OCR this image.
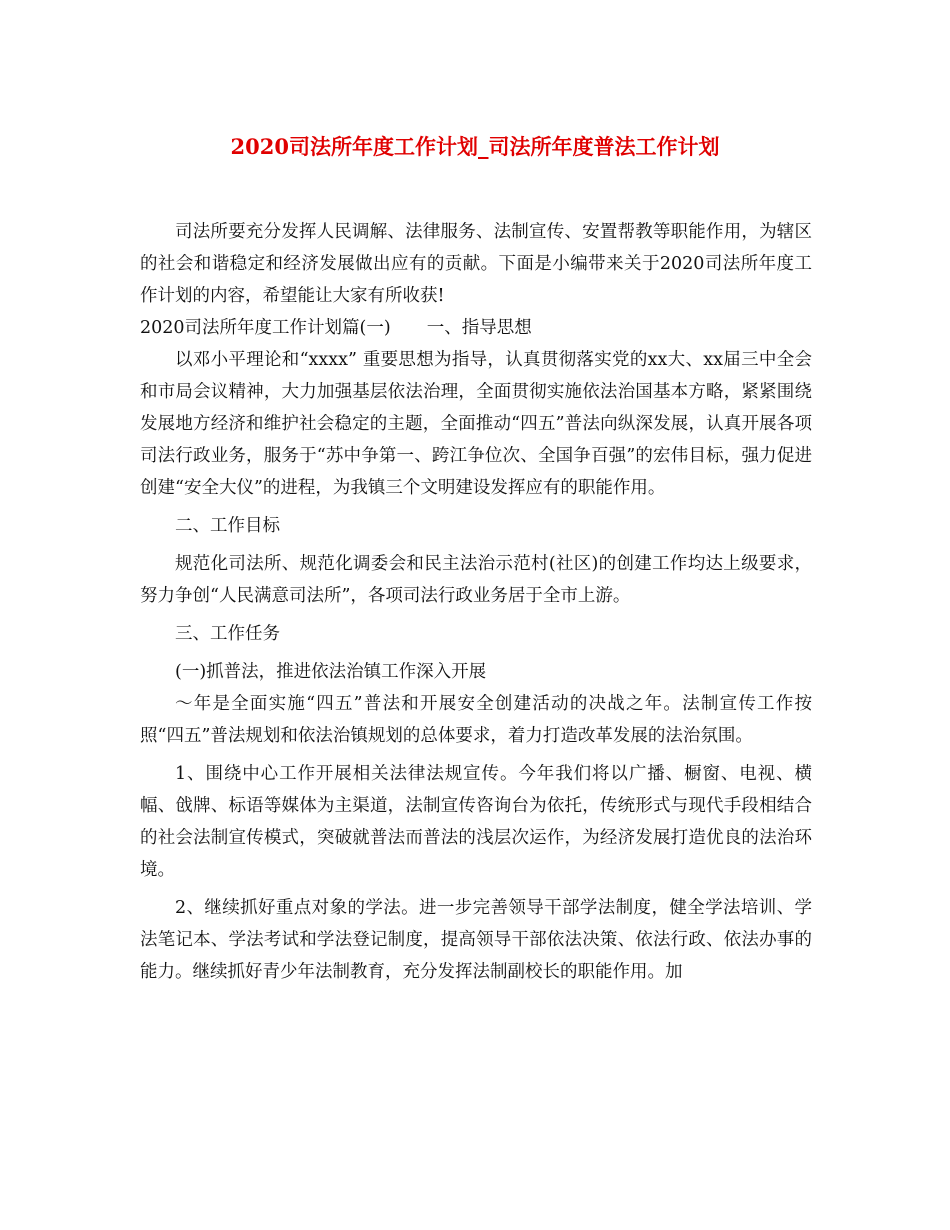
2020司法所年度工作计划_司法所年度普法工作计划

司法所要充分发挥人民调解、法律服务、法制宣传、安置帮教等职能作用，为辖区的社会和谐稳定和经济发展做出应有的贡献。下面是小编带来关于2020司法所年度工作计划的内容，希望能让大家有所收获!

2020司法所年度工作计划篇(一) 一、指导思想

以邓小平理论和“xxxx” 重要思想为指导，认真贯彻落实党的xx大、xx届三中全会和市局会议精神，大力加强基层依法治理，全面贯彻实施依法治国基本方略，紧紧围绕发展地方经济和维护社会稳定的主题，全面推动“四五”普法向纵深发展，认真开展各项司法行政业务，服务于“苏中争第一、跨江争位次、全国争百强”的宏伟目标，强力促进创建“安全大仪”的进程，为我镇三个文明建设发挥应有的职能作用。

二、工作目标

规范化司法所、规范化调委会和民主法治示范村(社区)的创建工作均达上级要求，努力争创“人民满意司法所”，各项司法行政业务居于全市上游。

三、工作任务

(一)抓普法，推进依法治镇工作深入开展

～年是全面实施“四五”普法和开展安全创建活动的决战之年。法制宣传工作按照“四五”普法规划和依法治镇规划的总体要求，着力打造改革发展的法治氛围。

1、围绕中心工作开展相关法律法规宣传。今年我们将以广播、橱窗、电视、横幅、戗牌、标语等媒体为主渠道，法制宣传咨询台为依托，传统形式与现代手段相结合的社会法制宣传模式，突破就普法而普法的浅层次运作，为经济发展打造优良的法治环境。

2、继续抓好重点对象的学法。进一步完善领导干部学法制度，健全学法培训、学法笔记本、学法考试和学法登记制度，提高领导干部依法决策、依法行政、依法办事的能力。继续抓好青少年法制教育，充分发挥法制副校长的职能作用。加
